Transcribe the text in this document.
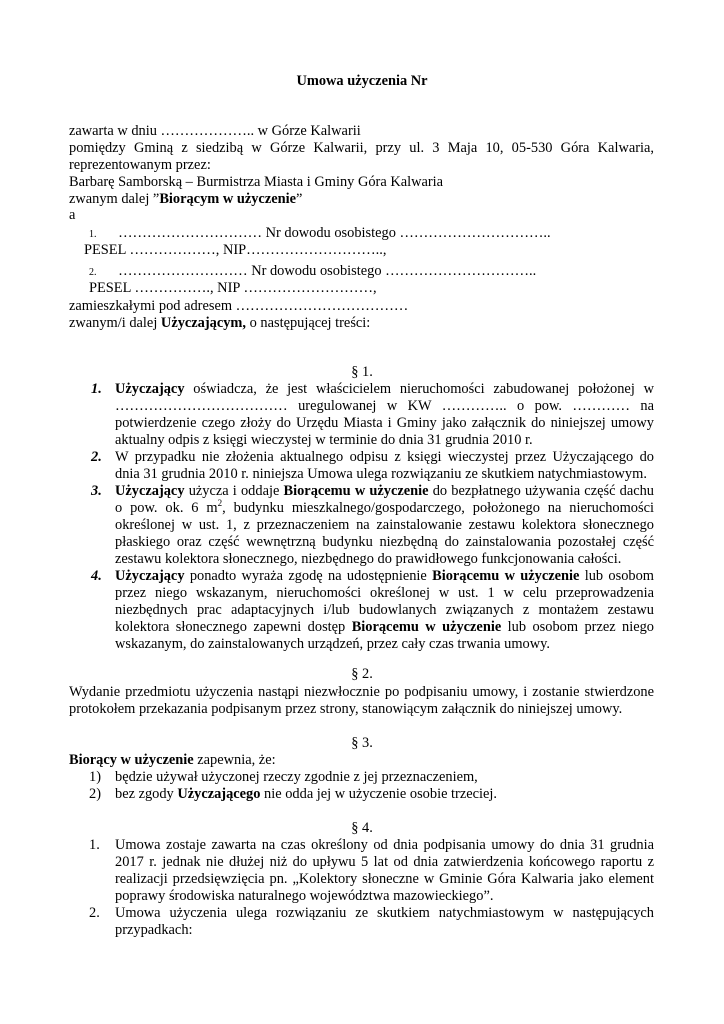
Umowa użyczenia Nr
zawarta w dniu ……………….. w Górze Kalwarii
pomiędzy Gminą z siedzibą w Górze Kalwarii, przy ul. 3 Maja 10, 05-530 Góra Kalwaria,
reprezentowanym przez:
Barbarę Samborską – Burmistrza Miasta i Gminy Góra Kalwaria
zwanym dalej ”Biorącym w użyczenie”
a
1. ………………………… Nr dowodu osobistego …………………………..
PESEL ………………, NIP………………………..,
2. ……………………… Nr dowodu osobistego …………………………..
PESEL ……………., NIP ………………………,
zamieszkałymi pod adresem ………………………………
zwanym/i dalej Użyczającym, o następującej treści:
§ 1.
1. Użyczający oświadcza, że jest właścicielem nieruchomości zabudowanej położonej w
……………………………… uregulowanej w KW ………….. o pow. ………… na
potwierdzenie czego złoży do Urzędu Miasta i Gminy jako załącznik do niniejszej umowy
aktualny odpis z księgi wieczystej w terminie do dnia 31 grudnia 2010 r.
2. W przypadku nie złożenia aktualnego odpisu z księgi wieczystej przez Użyczającego do
dnia 31 grudnia 2010 r. niniejsza Umowa ulega rozwiązaniu ze skutkiem natychmiastowym.
3. Użyczający użycza i oddaje Biorącemu w użyczenie do bezpłatnego używania część dachu
o pow. ok. 6 $m^2$, budynku mieszkalnego/gospodarczego, położonego na nieruchomości
określonej w ust. 1, z przeznaczeniem na zainstalowanie zestawu kolektora słonecznego
płaskiego oraz część wewnętrzną budynku niezbędną do zainstalowania pozostałej część
zestawu kolektora słonecznego, niezbędnego do prawidłowego funkcjonowania całości.
4. Użyczający ponadto wyraża zgodę na udostępnienie Biorącemu w użyczenie lub osobom
przez niego wskazanym, nieruchomości określonej w ust. 1 w celu przeprowadzenia
niezbędnych prac adaptacyjnych i/lub budowlanych związanych z montażem zestawu
kolektora słonecznego zapewni dostęp Biorącemu w użyczenie lub osobom przez niego
wskazanym, do zainstalowanych urządzeń, przez cały czas trwania umowy.
§ 2.
Wydanie przedmiotu użyczenia nastąpi niezwłocznie po podpisaniu umowy, i zostanie stwierdzone
protokołem przekazania podpisanym przez strony, stanowiącym załącznik do niniejszej umowy.
§ 3.
Biorący w użyczenie zapewnia, że:
1) będzie używał użyczonej rzeczy zgodnie z jej przeznaczeniem,
2) bez zgody Użyczającego nie odda jej w użyczenie osobie trzeciej.
§ 4.
1. Umowa zostaje zawarta na czas określony od dnia podpisania umowy do dnia 31 grudnia
2017 r. jednak nie dłużej niż do upływu 5 lat od dnia zatwierdzenia końcowego raportu z
realizacji przedsięwzięcia pn. „Kolektory słoneczne w Gminie Góra Kalwaria jako element
poprawy środowiska naturalnego województwa mazowieckiego”.
2. Umowa użyczenia ulega rozwiązaniu ze skutkiem natychmiastowym w następujących
przypadkach:
